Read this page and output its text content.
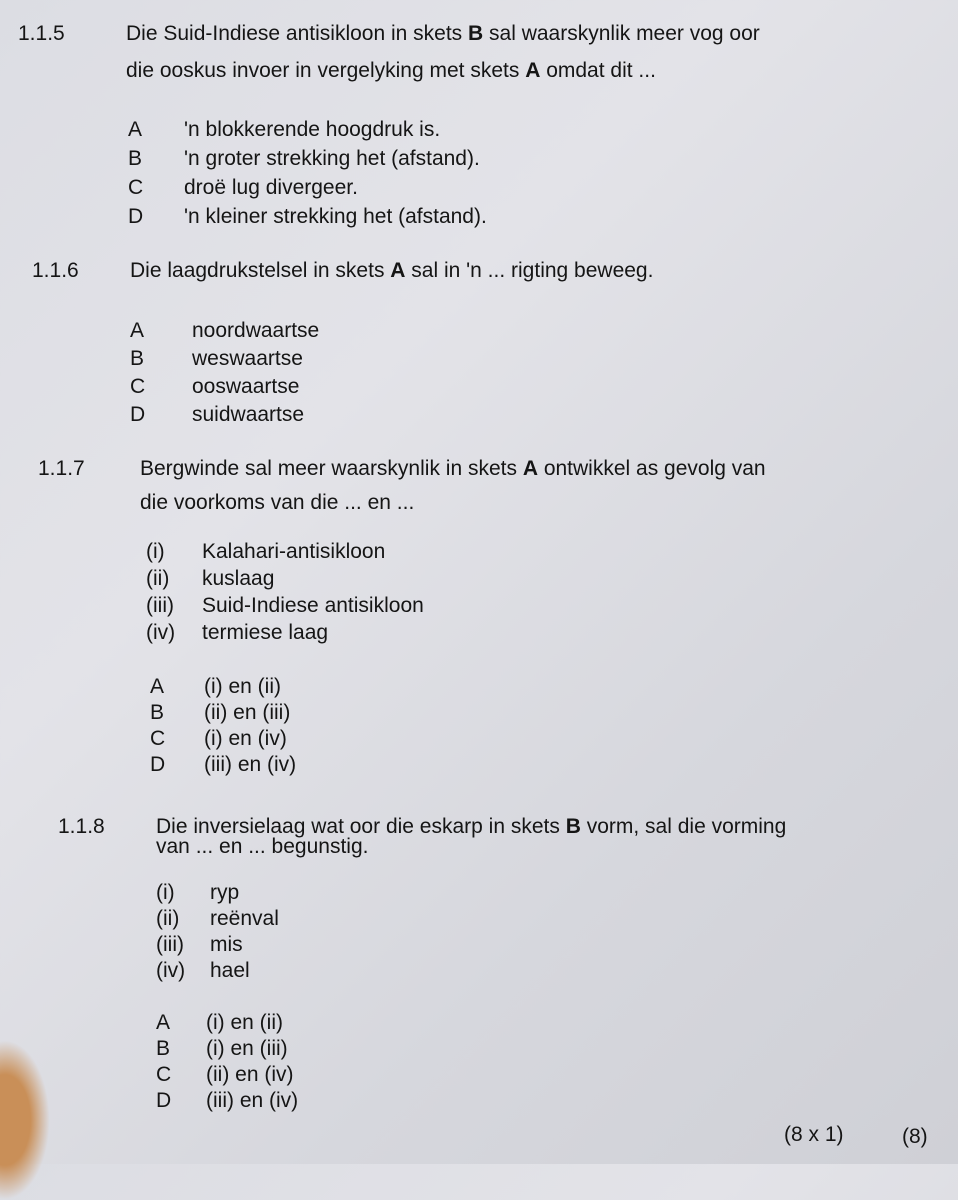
1.1.5	Die Suid-Indiese antisikloon in skets B sal waarskynlik meer vog oor
die ooskus invoer in vergelyking met skets A omdat dit ...
A 'n blokkerende hoogdruk is.
B 'n groter strekking het (afstand).
C droë lug divergeer.
D 'n kleiner strekking het (afstand).
1.1.6 Die laagdrukstelsel in skets A sal in 'n ... rigting beweeg.
A noordwaartse
B weswaartse
C ooswaartse
D suidwaartse
1.1.7	Bergwinde sal meer waarskynlik in skets A ontwikkel as gevolg van
die voorkoms van die ... en ...
(i) Kalahari-antisikloon
(ii) kuslaag
(iii) Suid-Indiese antisikloon
(iv) termiese laag
A (i) en (ii)
B (ii) en (iii)
C (i) en (iv)
D (iii) en (iv)
1.1.8 Die inversielaag wat oor die eskarp in skets B vorm, sal die vorming
van ... en ... begunstig.
(i) ryp
(ii) reënval
(iii) mis
(iv) hael
A (i) en (ii)
B (i) en (iii)
C (ii) en (iv)
D (iii) en (iv)
(8 x 1)	(8)
